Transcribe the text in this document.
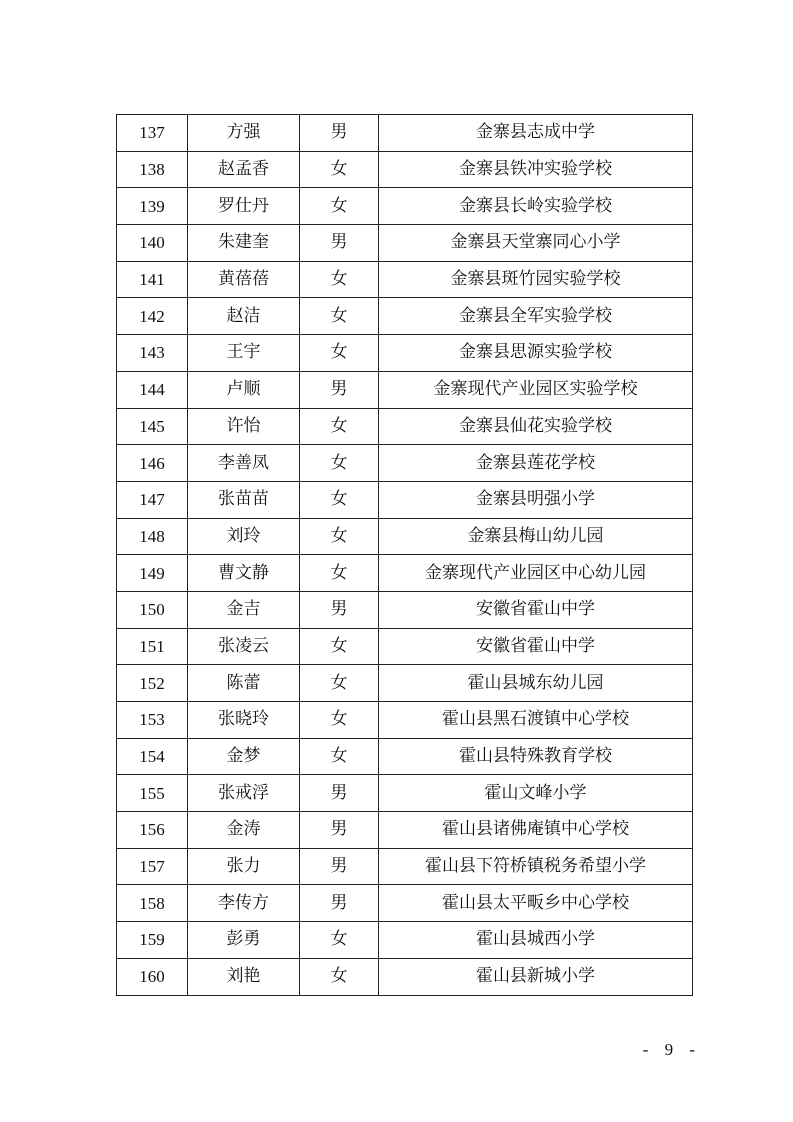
137	方强	男	金寨县志成中学
138	赵孟香	女	金寨县铁冲实验学校
139	罗仕丹	女	金寨县长岭实验学校
140	朱建奎	男	金寨县天堂寨同心小学
141	黄蓓蓓	女	金寨县斑竹园实验学校
142	赵洁	女	金寨县全军实验学校
143	王宇	女	金寨县思源实验学校
144	卢顺	男	金寨现代产业园区实验学校
145	许怡	女	金寨县仙花实验学校
146	李善凤	女	金寨县莲花学校
147	张苗苗	女	金寨县明强小学
148	刘玲	女	金寨县梅山幼儿园
149	曹文静	女	金寨现代产业园区中心幼儿园
150	金吉	男	安徽省霍山中学
151	张凌云	女	安徽省霍山中学
152	陈蕾	女	霍山县城东幼儿园
153	张晓玲	女	霍山县黑石渡镇中心学校
154	金梦	女	霍山县特殊教育学校
155	张戒浮	男	霍山文峰小学
156	金涛	男	霍山县诸佛庵镇中心学校
157	张力	男	霍山县下符桥镇税务希望小学
158	李传方	男	霍山县太平畈乡中心学校
159	彭勇	女	霍山县城西小学
160	刘艳	女	霍山县新城小学
- 9 -
